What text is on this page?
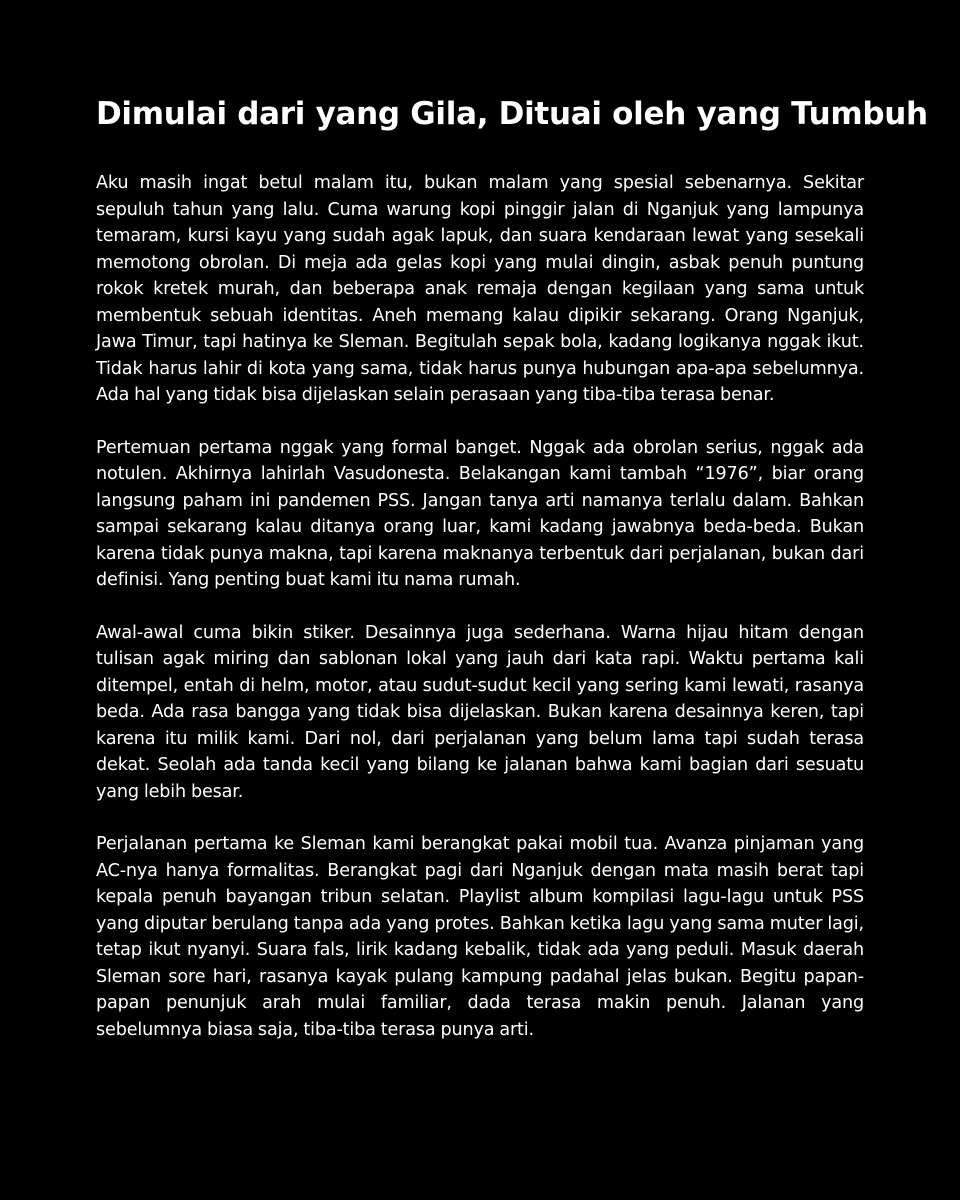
Dimulai dari yang Gila, Dituai oleh yang Tumbuh

Aku masih ingat betul malam itu, bukan malam yang spesial sebenarnya. Sekitar sepuluh tahun yang lalu. Cuma warung kopi pinggir jalan di Nganjuk yang lampunya temaram, kursi kayu yang sudah agak lapuk, dan suara kendaraan lewat yang sesekali memotong obrolan. Di meja ada gelas kopi yang mulai dingin, asbak penuh puntung rokok kretek murah, dan beberapa anak remaja dengan kegilaan yang sama untuk membentuk sebuah identitas. Aneh memang kalau dipikir sekarang. Orang Nganjuk, Jawa Timur, tapi hatinya ke Sleman. Begitulah sepak bola, kadang logikanya nggak ikut. Tidak harus lahir di kota yang sama, tidak harus punya hubungan apa-apa sebelumnya. Ada hal yang tidak bisa dijelaskan selain perasaan yang tiba-tiba terasa benar.

Pertemuan pertama nggak yang formal banget. Nggak ada obrolan serius, nggak ada notulen. Akhirnya lahirlah Vasudonesta. Belakangan kami tambah “1976”, biar orang langsung paham ini pandemen PSS. Jangan tanya arti namanya terlalu dalam. Bahkan sampai sekarang kalau ditanya orang luar, kami kadang jawabnya beda-beda. Bukan karena tidak punya makna, tapi karena maknanya terbentuk dari perjalanan, bukan dari definisi. Yang penting buat kami itu nama rumah.

Awal-awal cuma bikin stiker. Desainnya juga sederhana. Warna hijau hitam dengan tulisan agak miring dan sablonan lokal yang jauh dari kata rapi. Waktu pertama kali ditempel, entah di helm, motor, atau sudut-sudut kecil yang sering kami lewati, rasanya beda. Ada rasa bangga yang tidak bisa dijelaskan. Bukan karena desainnya keren, tapi karena itu milik kami. Dari nol, dari perjalanan yang belum lama tapi sudah terasa dekat. Seolah ada tanda kecil yang bilang ke jalanan bahwa kami bagian dari sesuatu yang lebih besar.

Perjalanan pertama ke Sleman kami berangkat pakai mobil tua. Avanza pinjaman yang AC-nya hanya formalitas. Berangkat pagi dari Nganjuk dengan mata masih berat tapi kepala penuh bayangan tribun selatan. Playlist album kompilasi lagu-lagu untuk PSS yang diputar berulang tanpa ada yang protes. Bahkan ketika lagu yang sama muter lagi, tetap ikut nyanyi. Suara fals, lirik kadang kebalik, tidak ada yang peduli. Masuk daerah Sleman sore hari, rasanya kayak pulang kampung padahal jelas bukan. Begitu papan-papan penunjuk arah mulai familiar, dada terasa makin penuh. Jalanan yang sebelumnya biasa saja, tiba-tiba terasa punya arti.
